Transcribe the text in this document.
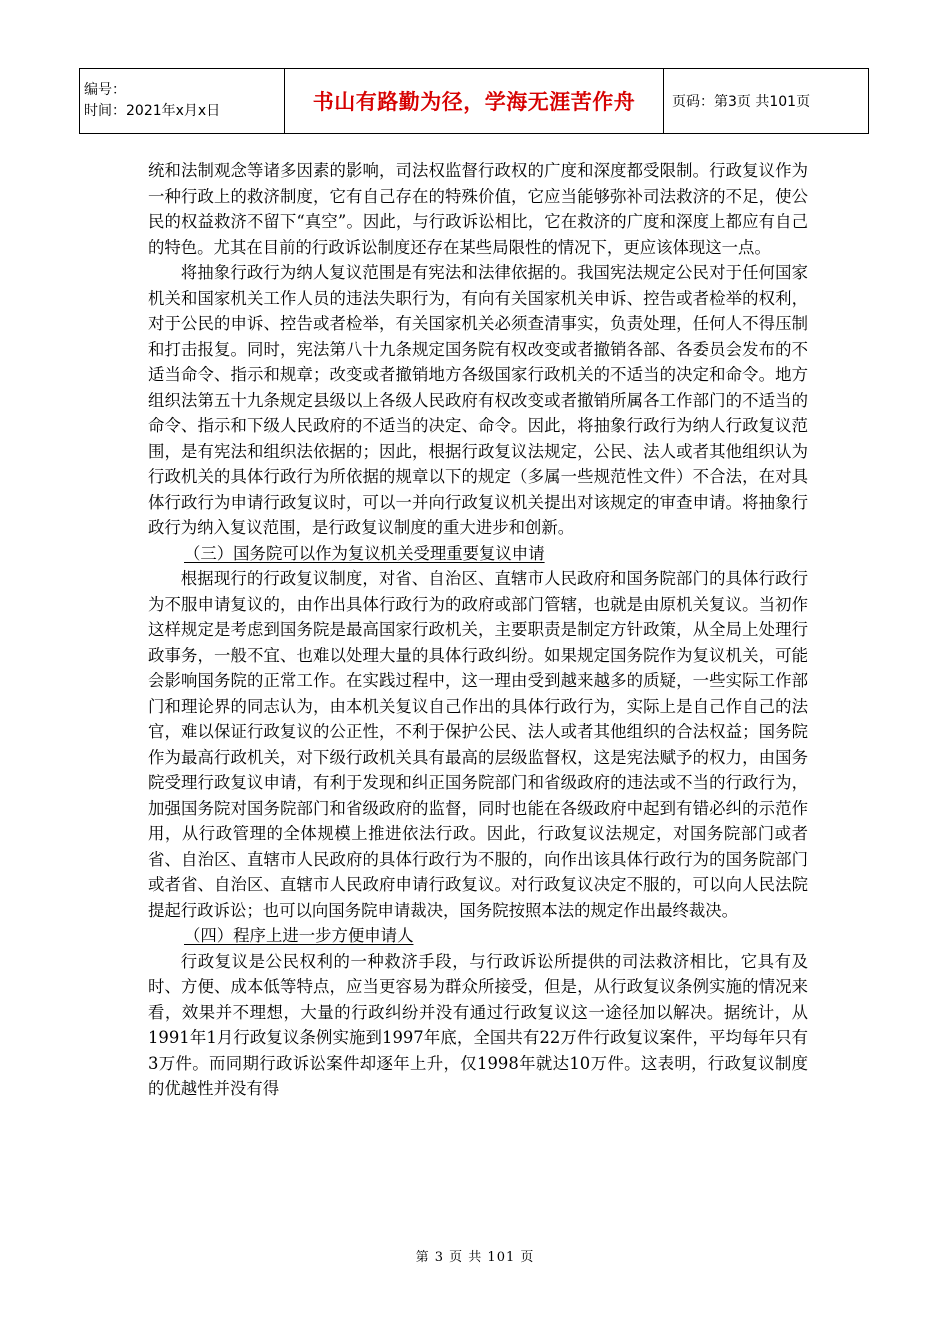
编号：
时间：2021年x月x日	书山有路勤为径，学海无涯苦作舟	页码：第3页 共101页

统和法制观念等诸多因素的影响，司法权监督行政权的广度和深度都受限制。行政复议作为一种行政上的救济制度，它有自己存在的特殊价值，它应当能够弥补司法救济的不足，使公民的权益救济不留下“真空”。因此，与行政诉讼相比，它在救济的广度和深度上都应有自己的特色。尤其在目前的行政诉讼制度还存在某些局限性的情况下，更应该体现这一点。

将抽象行政行为纳人复议范围是有宪法和法律依据的。我国宪法规定公民对于任何国家机关和国家机关工作人员的违法失职行为，有向有关国家机关申诉、控告或者检举的权利，对于公民的申诉、控告或者检举，有关国家机关必须查清事实，负责处理，任何人不得压制和打击报复。同时，宪法第八十九条规定国务院有权改变或者撤销各部、各委员会发布的不适当命令、指示和规章；改变或者撤销地方各级国家行政机关的不适当的决定和命令。地方组织法第五十九条规定县级以上各级人民政府有权改变或者撤销所属各工作部门的不适当的命令、指示和下级人民政府的不适当的决定、命令。因此，将抽象行政行为纳人行政复议范围，是有宪法和组织法依据的；因此，根据行政复议法规定，公民、法人或者其他组织认为行政机关的具体行政行为所依据的规章以下的规定（多属一些规范性文件）不合法，在对具体行政行为申请行政复议时，可以一并向行政复议机关提出对该规定的审查申请。将抽象行政行为纳入复议范围，是行政复议制度的重大进步和创新。

（三）国务院可以作为复议机关受理重要复议申请

根据现行的行政复议制度，对省、自治区、直辖市人民政府和国务院部门的具体行政行为不服申请复议的，由作出具体行政行为的政府或部门管辖，也就是由原机关复议。当初作这样规定是考虑到国务院是最高国家行政机关，主要职责是制定方针政策，从全局上处理行政事务，一般不宜、也难以处理大量的具体行政纠纷。如果规定国务院作为复议机关，可能会影响国务院的正常工作。在实践过程中，这一理由受到越来越多的质疑，一些实际工作部门和理论界的同志认为，由本机关复议自己作出的具体行政行为，实际上是自己作自己的法官，难以保证行政复议的公正性，不利于保护公民、法人或者其他组织的合法权益；国务院作为最高行政机关，对下级行政机关具有最高的层级监督权，这是宪法赋予的权力，由国务院受理行政复议申请，有利于发现和纠正国务院部门和省级政府的违法或不当的行政行为，加强国务院对国务院部门和省级政府的监督，同时也能在各级政府中起到有错必纠的示范作用，从行政管理的全体规模上推进依法行政。因此，行政复议法规定，对国务院部门或者省、自治区、直辖市人民政府的具体行政行为不服的，向作出该具体行政行为的国务院部门或者省、自治区、直辖市人民政府申请行政复议。对行政复议决定不服的，可以向人民法院提起行政诉讼；也可以向国务院申请裁决，国务院按照本法的规定作出最终裁决。

（四）程序上进一步方便申请人

行政复议是公民权利的一种救济手段，与行政诉讼所提供的司法救济相比，它具有及时、方便、成本低等特点，应当更容易为群众所接受，但是，从行政复议条例实施的情况来看，效果并不理想，大量的行政纠纷并没有通过行政复议这一途径加以解决。据统计，从1991年1月行政复议条例实施到1997年底，全国共有22万件行政复议案件，平均每年只有3万件。而同期行政诉讼案件却逐年上升，仅1998年就达10万件。这表明，行政复议制度的优越性并没有得

第 3 页 共 101 页
